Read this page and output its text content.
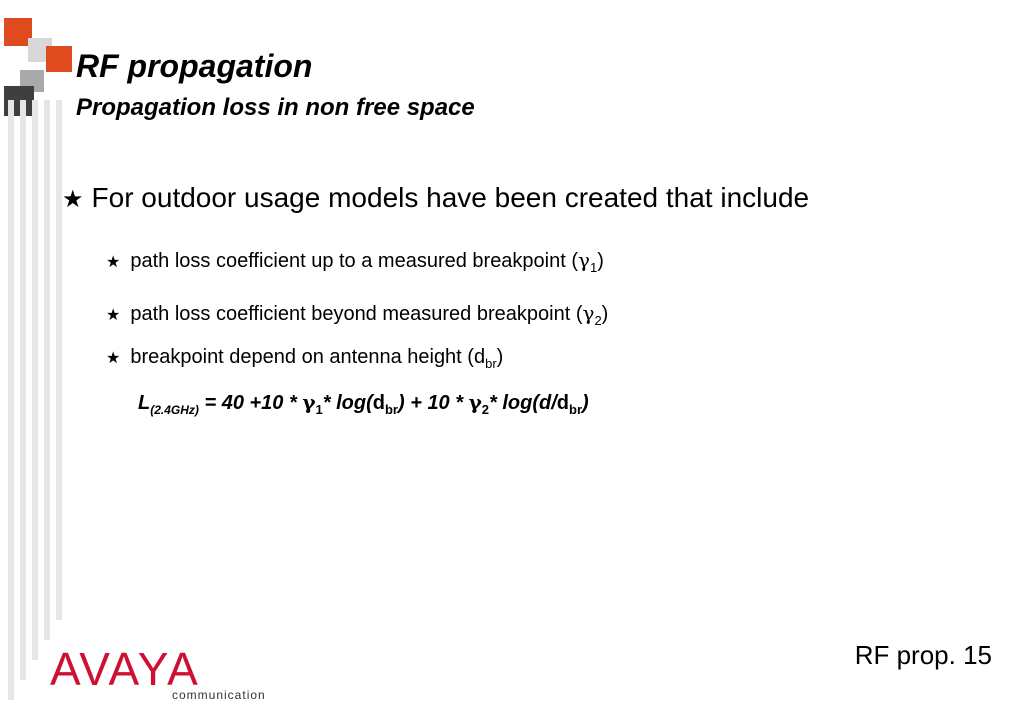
RF propagation
Propagation loss in non free space
★ For outdoor usage models have been created that include
★ path loss coefficient up to a measured breakpoint $(\gamma_1)$
★ path loss coefficient beyond measured breakpoint $(\gamma_2)$
★ breakpoint depend on antenna height $(d_{br})$
$L_{(2.4GHz)} = 40 +10 * \gamma_1*$ $\log(d_{br}) + 10 * \gamma_2*$ $\log(d/d_{br})$
RF prop. 15
AVAYA
communication
